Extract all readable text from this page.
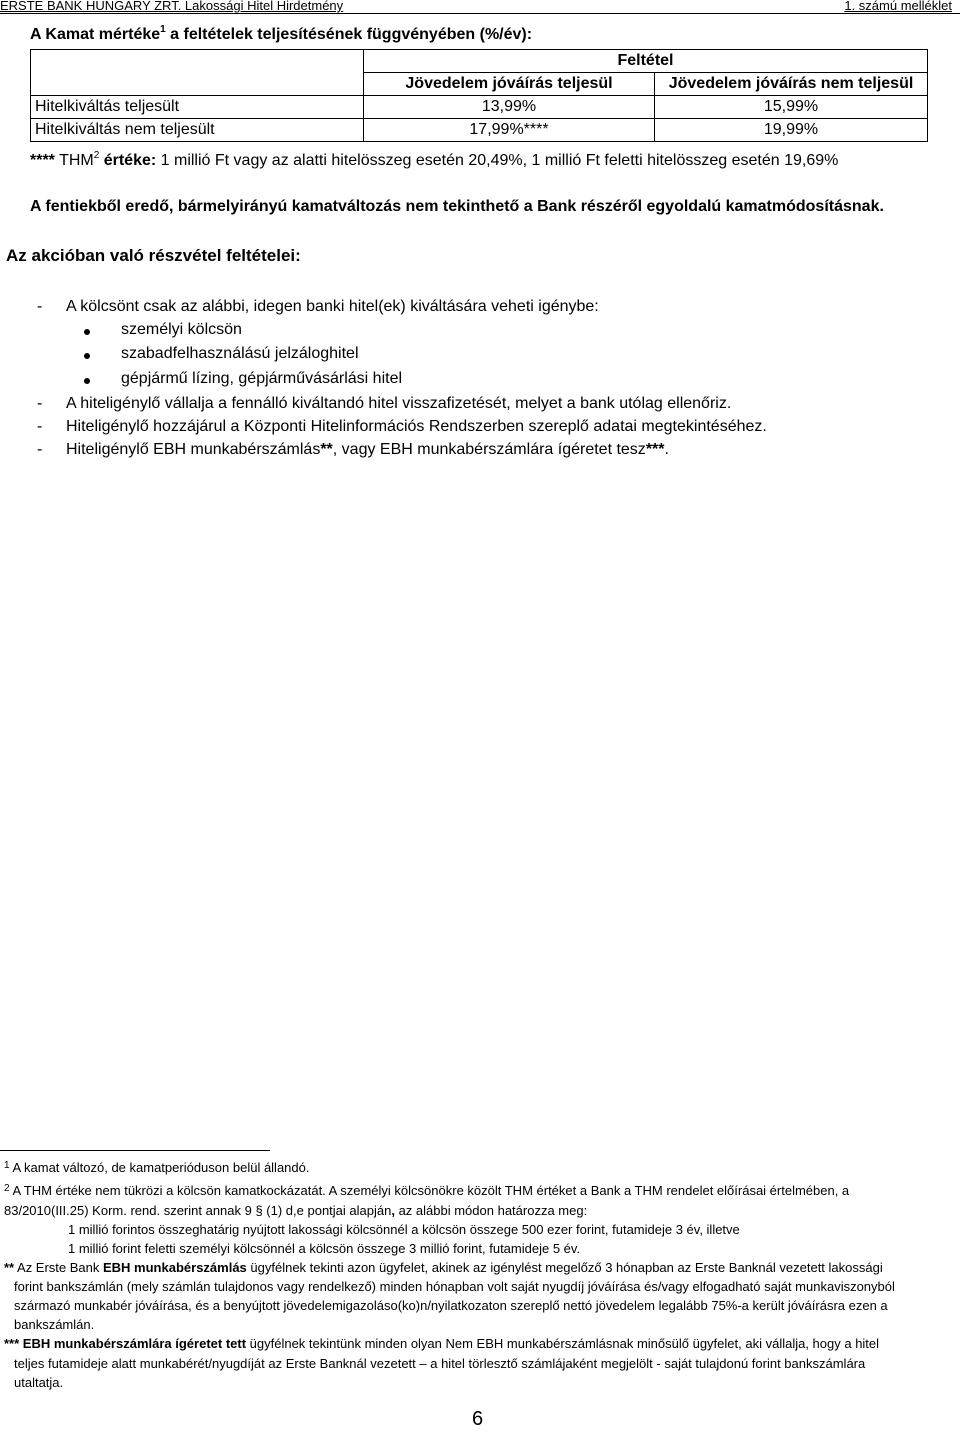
ERSTE BANK HUNGARY ZRT. Lakossági Hitel Hirdetmény	1. számú melléklet
A Kamat mértéke$^1$ a feltételek teljesítésének függvényében (%/év):
	Feltétel	
	Jövedelem jóváírás teljesül	Jövedelem jóváírás nem teljesül
Hitelkiváltás teljesült	13,99%	15,99%
Hitelkiváltás nem teljesült	17,99%****	19,99%
**** THM$^2$ értéke: 1 millió Ft vagy az alatti hitelösszeg esetén 20,49%, 1 millió Ft feletti hitelösszeg esetén 19,69%
A fentiekből eredő, bármelyirányú kamatváltozás nem tekinthető a Bank részéről egyoldalú kamatmódosításnak.
Az akcióban való részvétel feltételei:
- A kölcsönt csak az alábbi, idegen banki hitel(ek) kiváltására veheti igénybe:
személyi kölcsön
szabadfelhasználású jelzáloghitel
gépjármű lízing, gépjárművásárlási hitel
- A hiteligénylő vállalja a fennálló kiváltandó hitel visszafizetését, melyet a bank utólag ellenőriz.
- Hiteligénylő hozzájárul a Központi Hitelinformációs Rendszerben szereplő adatai megtekintéséhez.
- Hiteligénylő EBH munkabérszámlás**, vagy EBH munkabérszámlára ígéretet tesz***.
$^1$ A kamat változó, de kamatperióduson belül állandó.
$^2$ A THM értéke nem tükrözi a kölcsön kamatkockázatát. A személyi kölcsönökre közölt THM értéket a Bank a THM rendelet előírásai értelmében, a
83/2010(III.25) Korm. rend. szerint annak 9 § (1) d,e pontjai alapján, az alábbi módon határozza meg:
1 millió forintos összeghatárig nyújtott lakossági kölcsönnél a kölcsön összege 500 ezer forint, futamideje 3 év, illetve
1 millió forint feletti személyi kölcsönnél a kölcsön összege 3 millió forint, futamideje 5 év.
** Az Erste Bank EBH munkabérszámlás ügyfélnek tekinti azon ügyfelet, akinek az igénylést megelőző 3 hónapban az Erste Banknál vezetett lakossági
forint bankszámlán (mely számlán tulajdonos vagy rendelkező) minden hónapban volt saját nyugdíj jóváírása és/vagy elfogadható saját munkaviszonyból
származó munkabér jóváírása, és a benyújtott jövedelemigazoláso(ko)n/nyilatkozaton szereplő nettó jövedelem legalább 75%-a került jóváírásra ezen a
bankszámlán.
*** EBH munkabérszámlára ígéretet tett ügyfélnek tekintünk minden olyan Nem EBH munkabérszámlásnak minősülő ügyfelet, aki vállalja, hogy a hitel
teljes futamideje alatt munkabérét/nyugdíját az Erste Banknál vezetett – a hitel törlesztő számlájaként megjelölt - saját tulajdonú forint bankszámlára
utaltatja.
6
